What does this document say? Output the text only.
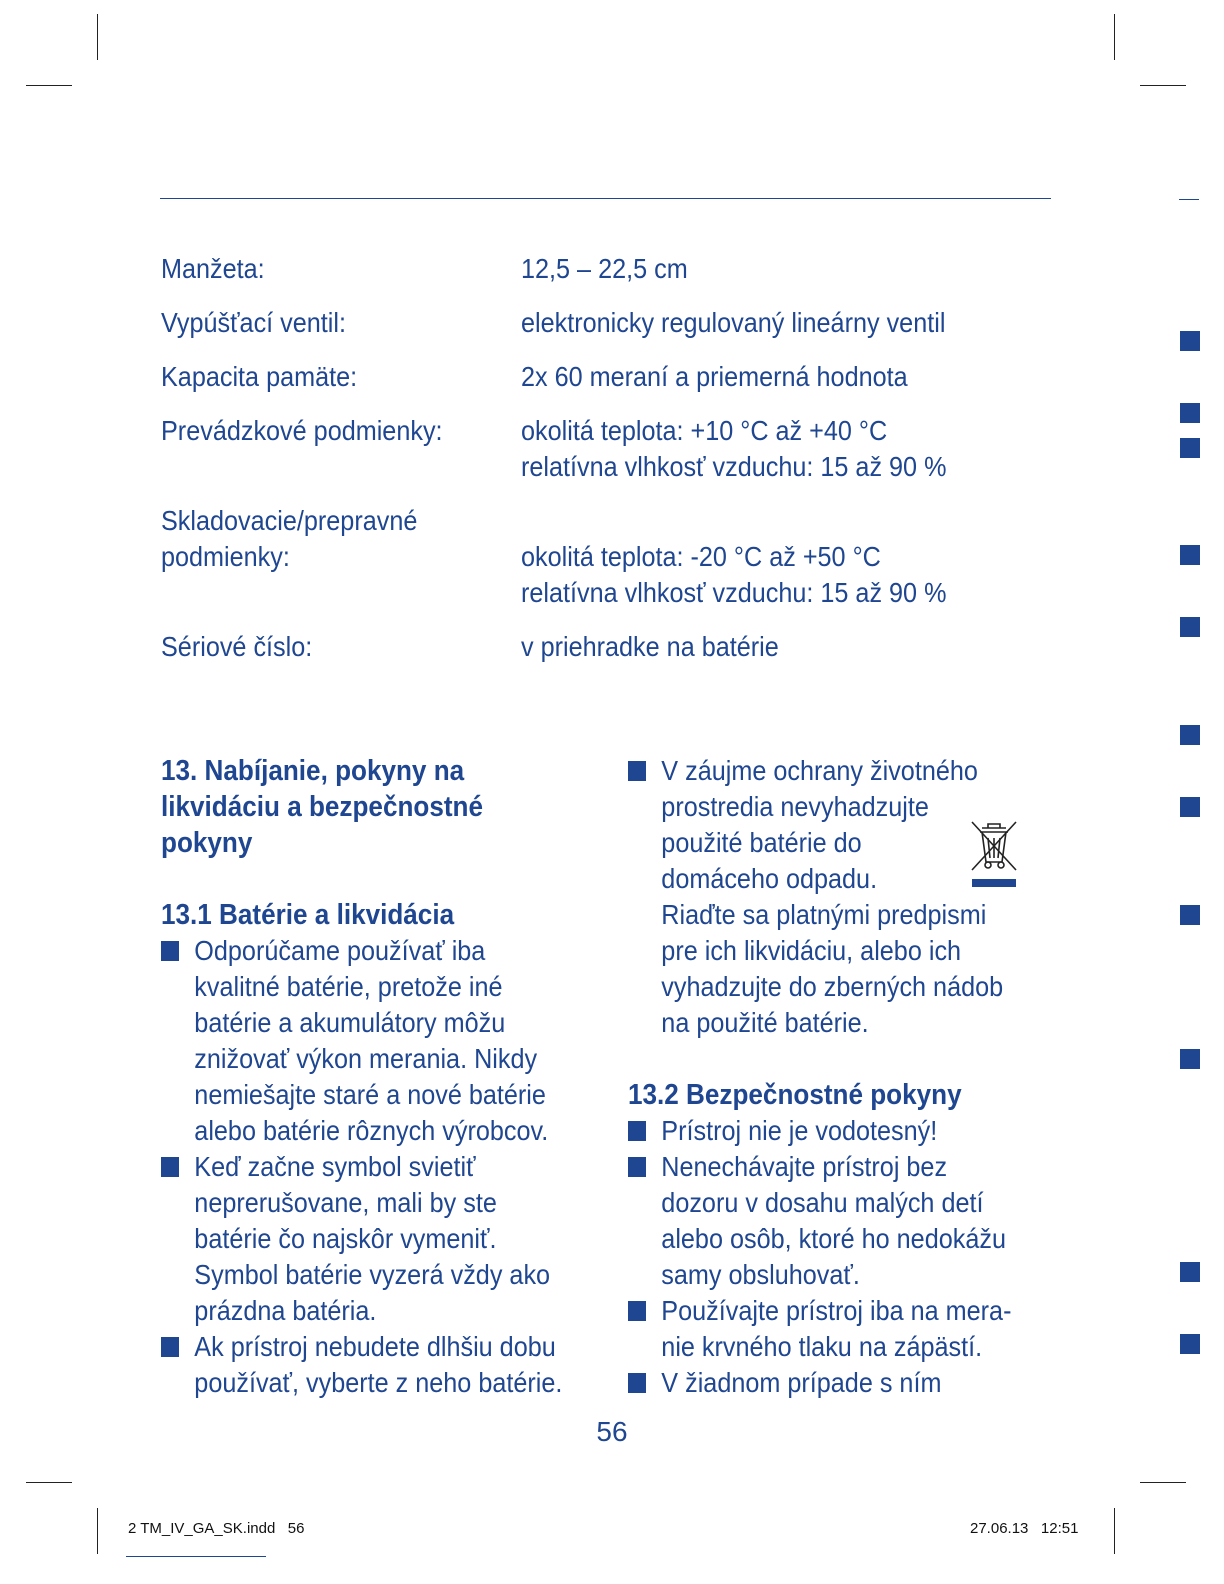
Manžeta:	12,5 – 22,5 cm
Vypúšťací ventil:	elektronicky regulovaný lineárny ventil
Kapacita pamäte:	2x 60 meraní a priemerná hodnota
Prevádzkové podmienky:	okolitá teplota: +10 °C až +40 °C
relatívna vlhkosť vzduchu: 15 až 90 %
Skladovacie/prepravné
podmienky:	okolitá teplota: -20 °C až +50 °C
relatívna vlhkosť vzduchu: 15 až 90 %
Sériové číslo:	v priehradke na batérie
13. Nabíjanie, pokyny na
likvidáciu a bezpečnostné
pokyny
13.1 Batérie a likvidácia

Odporúčame používať iba

kvalitné batérie, pretože iné

batérie a akumulátory môžu

znižovať výkon merania. Nikdy

nemiešajte staré a nové batérie

alebo batérie rôznych výrobcov.

Keď začne symbol svietiť

neprerušovane, mali by ste

batérie čo najskôr vymeniť.

Symbol batérie vyzerá vždy ako

prázdna batéria.

Ak prístroj nebudete dlhšiu dobu

používať, vyberte z neho batérie.

V záujme ochrany životného

prostredia nevyhadzujte

použité batérie do

domáceho odpadu.

Riaďte sa platnými predpismi

pre ich likvidáciu, alebo ich

vyhadzujte do zberných nádob

na použité batérie.

13.2 Bezpečnostné pokyny

Prístroj nie je vodotesný!

Nenechávajte prístroj bez

dozoru v dosahu malých detí

alebo osôb, ktoré ho nedokážu

samy obsluhovať.

Používajte prístroj iba na mera-

nie krvného tlaku na zápästí.

V žiadnom prípade s ním

56
2 TM_IV_GA_SK.indd   56	27.06.13   12:51
